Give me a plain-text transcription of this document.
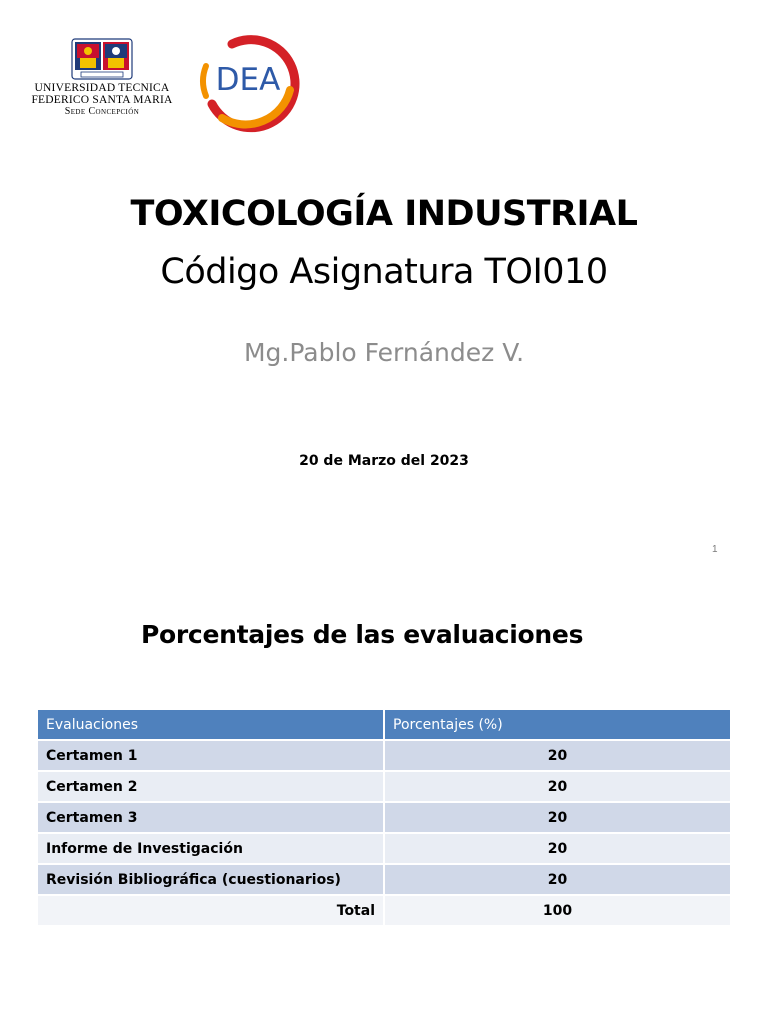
UNIVERSIDAD TECNICA
FEDERICO SANTA MARIA
Sede Concepción
DEA
TOXICOLOGÍA INDUSTRIAL
Código Asignatura TOI010
Mg.Pablo Fernández V.
20 de Marzo del 2023
1
Porcentajes de las evaluaciones
Evaluaciones	Porcentajes (%)
Certamen 1	20
Certamen 2	20
Certamen 3	20
Informe de Investigación	20
Revisión Bibliográfica (cuestionarios)	20
Total	100
